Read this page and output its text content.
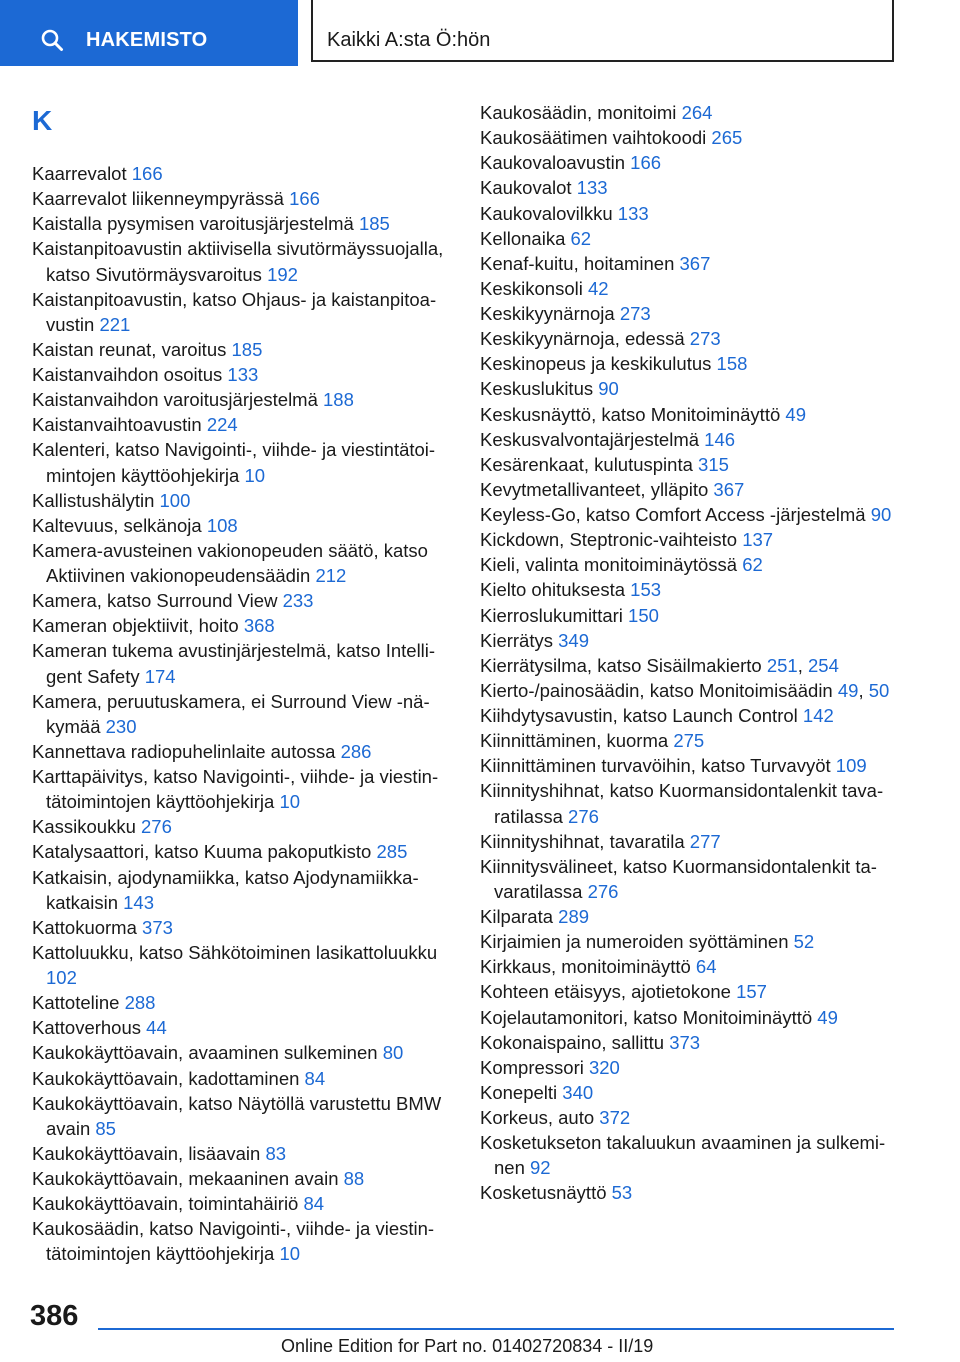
HAKEMISTO	Kaikki A:sta Ö:hön
K
Kaarrevalot 166
Kaarrevalot liikenneympyrässä 166
Kaistalla pysymisen varoitusjärjestelmä 185
Kaistanpitoavustin aktiivisella sivutörmäyssuojalla, katso Sivutörmäysvaroitus 192
Kaistanpitoavustin, katso Ohjaus- ja kaistanpitoavustin 221
Kaistan reunat, varoitus 185
Kaistanvaihdon osoitus 133
Kaistanvaihdon varoitusjärjestelmä 188
Kaistanvaihtoavustin 224
Kalenteri, katso Navigointi-, viihde- ja viestintätoimintojen käyttöohjekirja 10
Kallistushälytin 100
Kaltevuus, selkänoja 108
Kamera-avusteinen vakionopeuden säätö, katso Aktiivinen vakionopeudensäädin 212
Kamera, katso Surround View 233
Kameran objektiivit, hoito 368
Kameran tukema avustinjärjestelmä, katso Intelligent Safety 174
Kamera, peruutuskamera, ei Surround View -näkymää 230
Kannettava radiopuhelinlaite autossa 286
Karttapäivitys, katso Navigointi-, viihde- ja viestintätoimintojen käyttöohjekirja 10
Kassikoukku 276
Katalysaattori, katso Kuuma pakoputkisto 285
Katkaisin, ajodynamiikka, katso Ajodynamiikkakatkaisin 143
Kattokuorma 373
Kattoluukku, katso Sähkötoiminen lasikattoluukku 102
Kattoteline 288
Kattoverhous 44
Kaukokäyttöavain, avaaminen sulkeminen 80
Kaukokäyttöavain, kadottaminen 84
Kaukokäyttöavain, katso Näytöllä varustettu BMW avain 85
Kaukokäyttöavain, lisäavain 83
Kaukokäyttöavain, mekaaninen avain 88
Kaukokäyttöavain, toimintahäiriö 84
Kaukosäädin, katso Navigointi-, viihde- ja viestintätoimintojen käyttöohjekirja 10
Kaukosäädin, monitoimi 264
Kaukosäätimen vaihtokoodi 265
Kaukovaloavustin 166
Kaukovalot 133
Kaukovalovilkku 133
Kellonaika 62
Kenaf-kuitu, hoitaminen 367
Keskikonsoli 42
Keskikyynärnoja 273
Keskikyynärnoja, edessä 273
Keskinopeus ja keskikulutus 158
Keskuslukitus 90
Keskusnäyttö, katso Monitoiminäyttö 49
Keskusvalvontajärjestelmä 146
Kesärenkaat, kulutuspinta 315
Kevytmetallivanteet, ylläpito 367
Keyless-Go, katso Comfort Access -järjestelmä 90
Kickdown, Steptronic-vaihteisto 137
Kieli, valinta monitoiminäytössä 62
Kielto ohituksesta 153
Kierroslukumittari 150
Kierrätys 349
Kierrätysilma, katso Sisäilmakierto 251, 254
Kierto-/painosäädin, katso Monitoimisäädin 49, 50
Kiihdytysavustin, katso Launch Control 142
Kiinnittäminen, kuorma 275
Kiinnittäminen turvavöihin, katso Turvavyöt 109
Kiinnityshihnat, katso Kuormansidontalenkit tavaratilassa 276
Kiinnityshihnat, tavaratila 277
Kiinnitysvälineet, katso Kuormansidontalenkit tavaratilassa 276
Kilparata 289
Kirjaimien ja numeroiden syöttäminen 52
Kirkkaus, monitoiminäyttö 64
Kohteen etäisyys, ajotietokone 157
Kojelautamonitori, katso Monitoiminäyttö 49
Kokonaispaino, sallittu 373
Kompressori 320
Konepelti 340
Korkeus, auto 372
Kosketukseton takaluukun avaaminen ja sulkeminen 92
Kosketusnäyttö 53
386
Online Edition for Part no. 01402720834 - II/19
